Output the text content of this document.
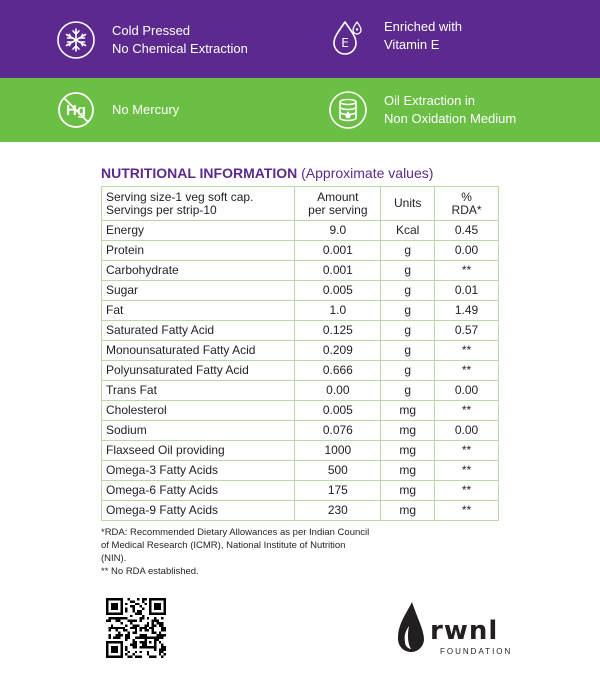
Cold Pressed
No Chemical Extraction	E
Enriched with
Vitamin E
Hg No Mercury
Oil Extraction in
Non Oxidation Medium
NUTRITIONAL INFORMATION (Approximate values)
Serving size-1 veg soft cap.
Servings per strip-10	Amount
per serving	Units	%
RDA*

Energy	9.0	Kcal	0.45
Protein	0.001	g	0.00
Carbohydrate	0.001	g	**
Sugar	0.005	g	0.01
Fat	1.0	g	1.49
Saturated Fatty Acid	0.125	g	0.57
Monounsaturated Fatty Acid	0.209	g	**
Polyunsaturated Fatty Acid	0.666	g	**
Trans Fat	0.00	g	0.00
Cholesterol	0.005	mg	**
Sodium	0.076	mg	0.00
Flaxseed Oil providing	1000	mg	**
Omega-3 Fatty Acids	500	mg	**
Omega-6 Fatty Acids	175	mg	**
Omega-9 Fatty Acids	230	mg	**

*RDA: Recommended Dietary Allowances as per Indian Council of Medical Research (ICMR), National Institute of Nutrition (NIN).

** No RDA established.

rwnl
FOUNDATION
